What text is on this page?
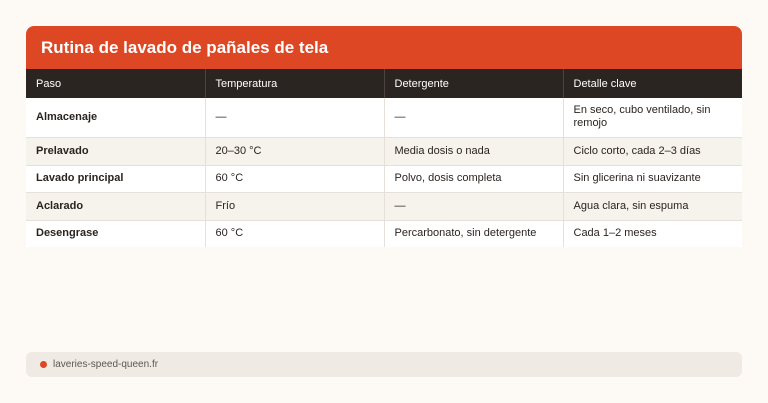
Rutina de lavado de pañales de tela
Paso	Temperatura	Detergente	Detalle clave
Almacenaje	—	—	En seco, cubo ventilado, sin remojo
Prelavado	20–30 °C	Media dosis o nada	Ciclo corto, cada 2–3 días
Lavado principal	60 °C	Polvo, dosis completa	Sin glicerina ni suavizante
Aclarado	Frío	—	Agua clara, sin espuma
Desengrase	60 °C	Percarbonato, sin detergente	Cada 1–2 meses
laveries-speed-queen.fr
